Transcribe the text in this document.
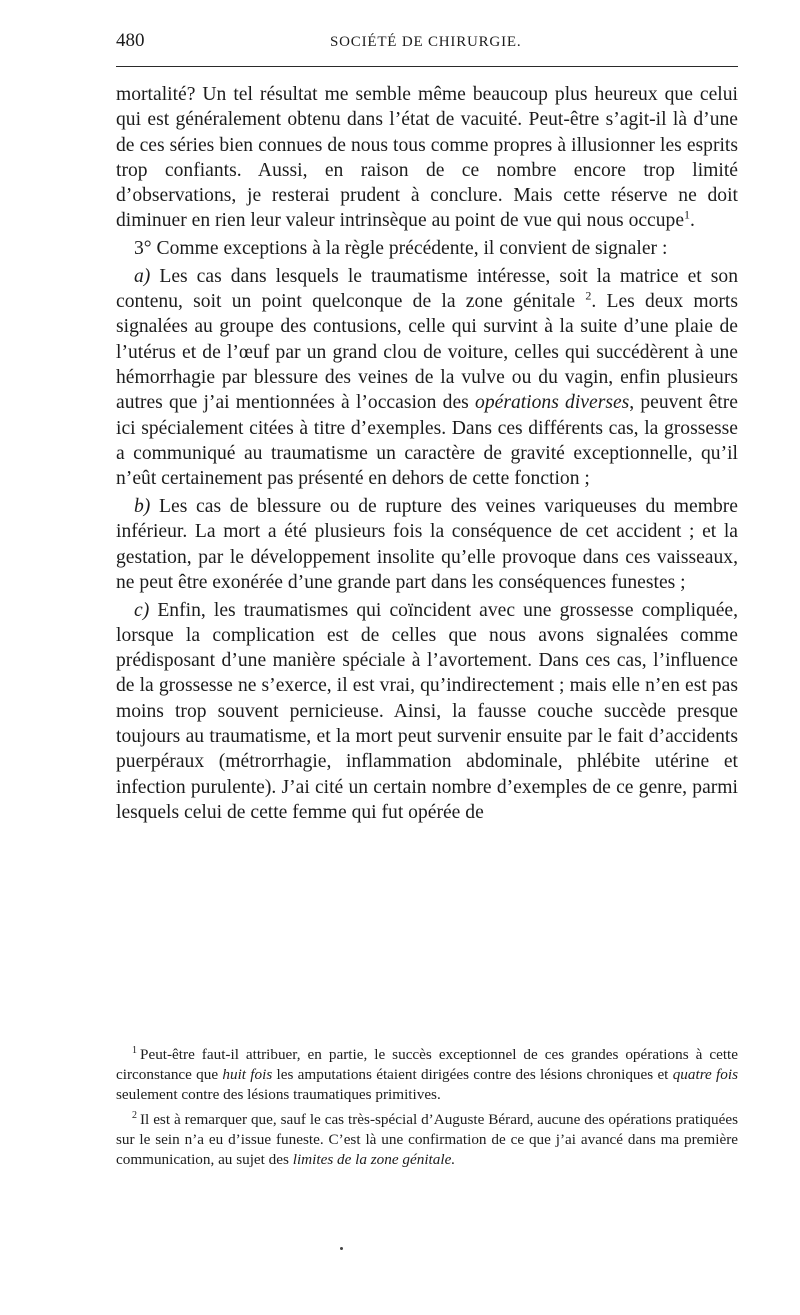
480	SOCIÉTÉ DE CHIRURGIE.

mortalité? Un tel résultat me semble même beaucoup plus heureux que celui qui est généralement obtenu dans l’état de vacuité. Peut-être s’agit-il là d’une de ces séries bien connues de nous tous comme propres à illusionner les esprits trop confiants. Aussi, en raison de ce nombre encore trop limité d’observations, je resterai prudent à conclure. Mais cette réserve ne doit diminuer en rien leur valeur intrinsèque au point de vue qui nous occupe$^1$.

3° Comme exceptions à la règle précédente, il convient de signaler :

a) Les cas dans lesquels le traumatisme intéresse, soit la matrice et son contenu, soit un point quelconque de la zone génitale $^2$. Les deux morts signalées au groupe des contusions, celle qui survint à la suite d’une plaie de l’utérus et de l’œuf par un grand clou de voiture, celles qui succédèrent à une hémorrhagie par blessure des veines de la vulve ou du vagin, enfin plusieurs autres que j’ai mentionnées à l’occasion des opérations diverses, peuvent être ici spécialement citées à titre d’exemples. Dans ces différents cas, la grossesse a communiqué au traumatisme un caractère de gravité exceptionnelle, qu’il n’eût certainement pas présenté en dehors de cette fonction ;

b) Les cas de blessure ou de rupture des veines variqueuses du membre inférieur. La mort a été plusieurs fois la conséquence de cet accident ; et la gestation, par le développement insolite qu’elle provoque dans ces vaisseaux, ne peut être exonérée d’une grande part dans les conséquences funestes ;

c) Enfin, les traumatismes qui coïncident avec une grossesse compliquée, lorsque la complication est de celles que nous avons signalées comme prédisposant d’une manière spéciale à l’avortement. Dans ces cas, l’influence de la grossesse ne s’exerce, il est vrai, qu’indirectement ; mais elle n’en est pas moins trop souvent pernicieuse. Ainsi, la fausse couche succède presque toujours au traumatisme, et la mort peut survenir ensuite par le fait d’accidents puerpéraux (métrorrhagie, inflammation abdominale, phlébite utérine et infection purulente). J’ai cité un certain nombre d’exemples de ce genre, parmi lesquels celui de cette femme qui fut opérée de

$^1$ Peut-être faut-il attribuer, en partie, le succès exceptionnel de ces grandes opérations à cette circonstance que huit fois les amputations étaient dirigées contre des lésions chroniques et quatre fois seulement contre des lésions traumatiques primitives.

$^2$ Il est à remarquer que, sauf le cas très-spécial d’Auguste Bérard, aucune des opérations pratiquées sur le sein n’a eu d’issue funeste. C’est là une confirmation de ce que j’ai avancé dans ma première communication, au sujet des limites de la zone génitale.
